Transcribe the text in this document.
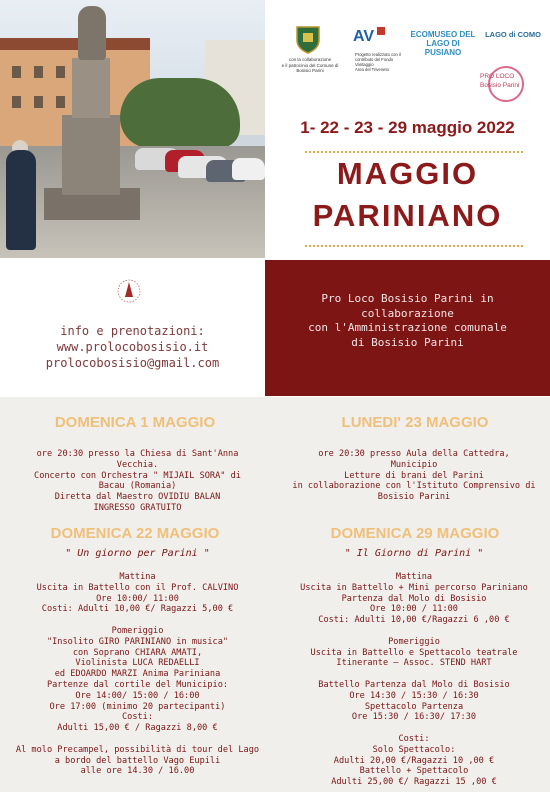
con la collaborazione
e il patrocinio del Comune di
Bosisio Parini
AV
Progetto realizzato con il
contributo del Fondo Vantaggio
Area del Triveneto
ECOMUSEO DEL
LAGO DI PUSIANO
LAGO di COMO
PRO LOCO
Bosisio Parini
1- 22 - 23 - 29 maggio 2022
MAGGIO
PARINIANO
Pro Loco Bosisio Parini in
collaborazione
con l'Amministrazione comunale
di Bosisio Parini
info e prenotazioni:
www.prolocobosisio.it
prolocobosisio@gmail.com
DOMENICA 1 MAGGIO
ore 20:30 presso la Chiesa di Sant'Anna
Vecchia.
Concerto con Orchestra " MIJAIL SORA" di
Bacau (Romania)
Diretta dal Maestro OVIDIU BALAN
INGRESSO GRATUITO
LUNEDI' 23 MAGGIO
ore 20:30 presso Aula della Cattedra,
Municipio
Letture di brani del Parini
in collaborazione con l'Istituto Comprensivo di
Bosisio Parini
DOMENICA 22 MAGGIO
" Un giorno per Parini "
Mattina
Uscita in Battello con il Prof. CALVINO
Ore 10:00/ 11:00
Costi: Adulti 10,00 €/ Ragazzi 5,00 €

Pomeriggio
"Insolito GIRO PARINIANO in musica"
con Soprano CHIARA AMATI,
Violinista LUCA REDAELLI
ed EDOARDO MARZI Anima Pariniana
Partenze dal cortile del Municipio:
Ore 14:00/ 15:00 / 16:00
Ore 17:00 (minimo 20 partecipanti)
Costi:
Adulti 15,00 € / Ragazzi 8,00 €

Al molo Precampel, possibilità di tour del Lago
a bordo del battello Vago Eupili
alle ore 14.30 / 16.00
DOMENICA 29 MAGGIO
" Il Giorno di Parini "
Mattina
Uscita in Battello + Mini percorso Pariniano
Partenza dal Molo di Bosisio
Ore 10:00 / 11:00
Costi: Adulti 10,00 €/Ragazzi 6 ,00 €

Pomeriggio
Uscita in Battello e Spettacolo teatrale
Itinerante — Assoc. STEND HART

Battello Partenza dal Molo di Bosisio
Ore 14:30 / 15:30 / 16:30
Spettacolo Partenza
Ore 15:30 / 16:30/ 17:30

Costi:
Solo Spettacolo:
Adulti 20,00 €/Ragazzi 10 ,00 €
Battello + Spettacolo
Adulti 25,00 €/ Ragazzi 15 ,00 €
